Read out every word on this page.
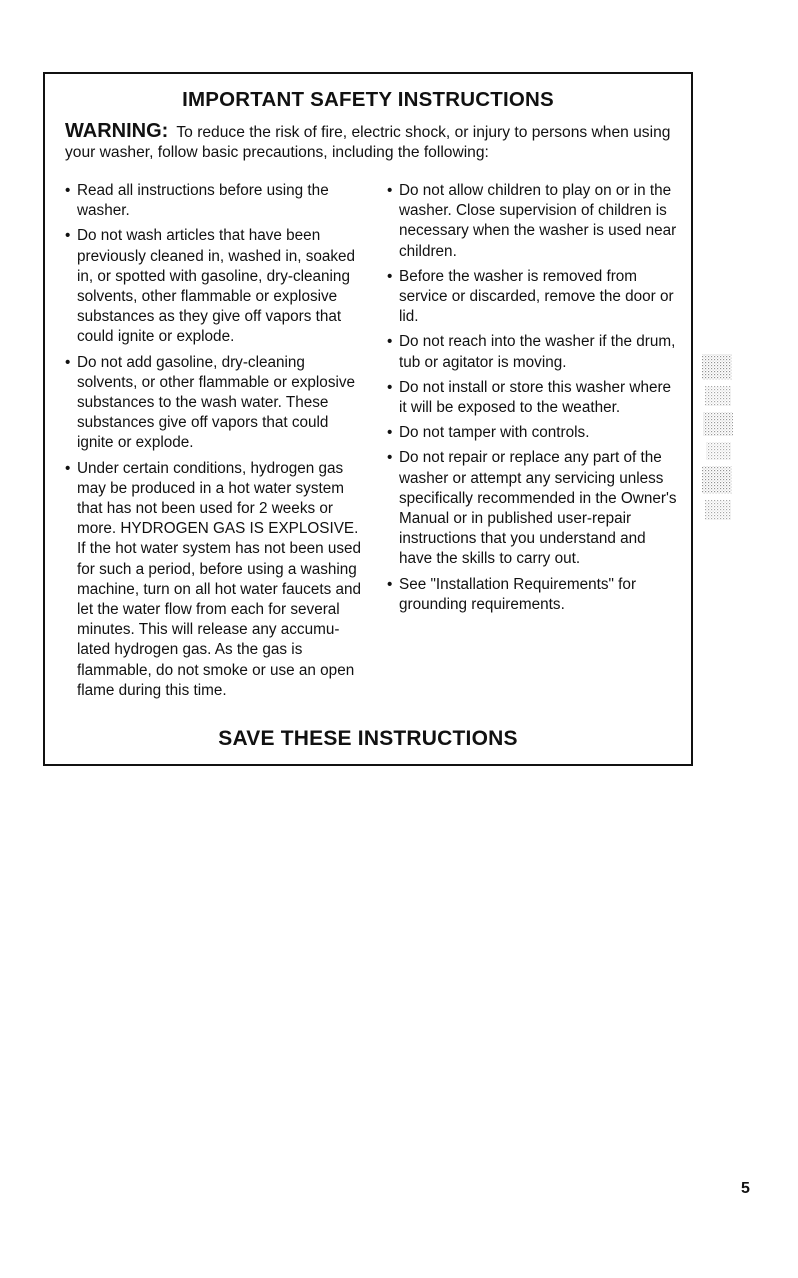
IMPORTANT SAFETY INSTRUCTIONS
WARNING: To reduce the risk of fire, electric shock, or injury to persons when using your washer, follow basic precautions, including the following:
• Read all instructions before using the washer.
• Do not wash articles that have been previously cleaned in, washed in, soaked in, or spotted with gasoline, dry-cleaning solvents, other flammable or explosive substances as they give off vapors that could ignite or explode.
• Do not add gasoline, dry-cleaning solvents, or other flammable or explosive substances to the wash water. These substances give off vapors that could ignite or explode.
• Under certain conditions, hydrogen gas may be produced in a hot water system that has not been used for 2 weeks or more. HYDROGEN GAS IS EXPLOSIVE. If the hot water system has not been used for such a period, before using a washing machine, turn on all hot water faucets and let the water flow from each for several minutes. This will release any accumu-lated hydrogen gas. As the gas is flammable, do not smoke or use an open flame during this time.
• Do not allow children to play on or in the washer. Close supervision of children is necessary when the washer is used near children.
• Before the washer is removed from service or discarded, remove the door or lid.
• Do not reach into the washer if the drum, tub or agitator is moving.
• Do not install or store this washer where it will be exposed to the weather.
• Do not tamper with controls.
• Do not repair or replace any part of the washer or attempt any servicing unless specifically recommended in the Owner's Manual or in published user-repair instructions that you understand and have the skills to carry out.
• See "Installation Requirements" for grounding requirements.
SAVE THESE INSTRUCTIONS
5
